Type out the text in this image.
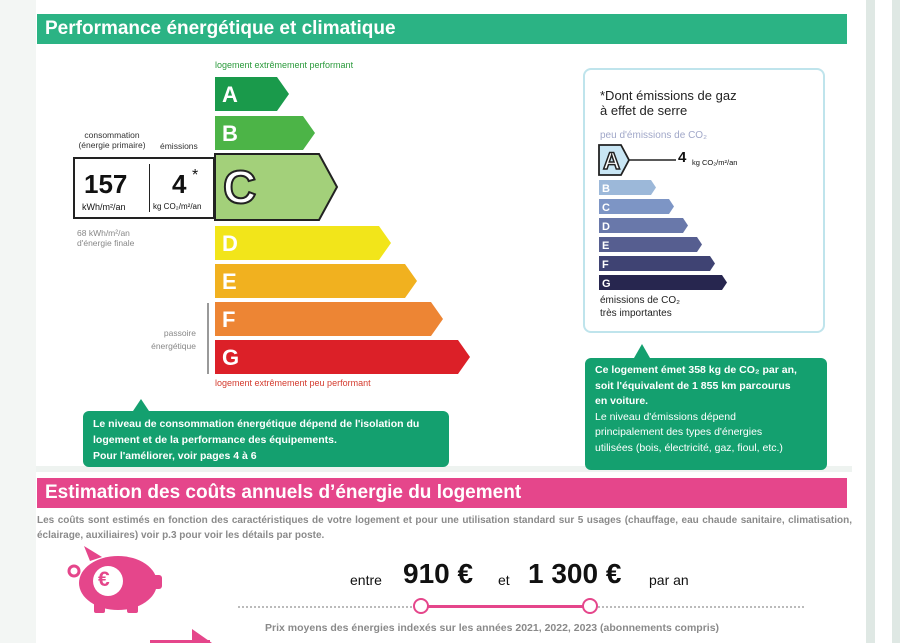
Performance énergétique et climatique
logement extrêmement performant
A
B
C
D
E
F
G
consommation
(énergie primaire) émissions
157
kWh/m²/an
4 *
kg CO₂/m²/an
68 kWh/m²/an
d'énergie finale
passoire
énergétique
logement extrêmement peu performant
Le niveau de consommation énergétique dépend de l'isolation du
logement et de la performance des équipements.
Pour l'améliorer, voir pages 4 à 6
*Dont émissions de gaz
à effet de serre
peu d'émissions de CO₂
émissions de CO₂
très importantes
A
B
C
D
E
F
G
4 kg CO₂/m²/an
Ce logement émet 358 kg de CO₂ par an,
soit l'équivalent de 1 855 km parcourus
en voiture.
Le niveau d'émissions dépend
principalement des types d'énergies
utilisées (bois, électricité, gaz, fioul, etc.)
Estimation des coûts annuels d’énergie du logement
Les coûts sont estimés en fonction des caractéristiques de votre logement et pour une utilisation standard sur 5 usages (chauffage, eau chaude sanitaire, climatisation, éclairage, auxiliaires) voir p.3 pour voir les détails par poste.
€	entre 910 € et 1 300 € par an
Prix moyens des énergies indexés sur les années 2021, 2022, 2023 (abonnements compris)
